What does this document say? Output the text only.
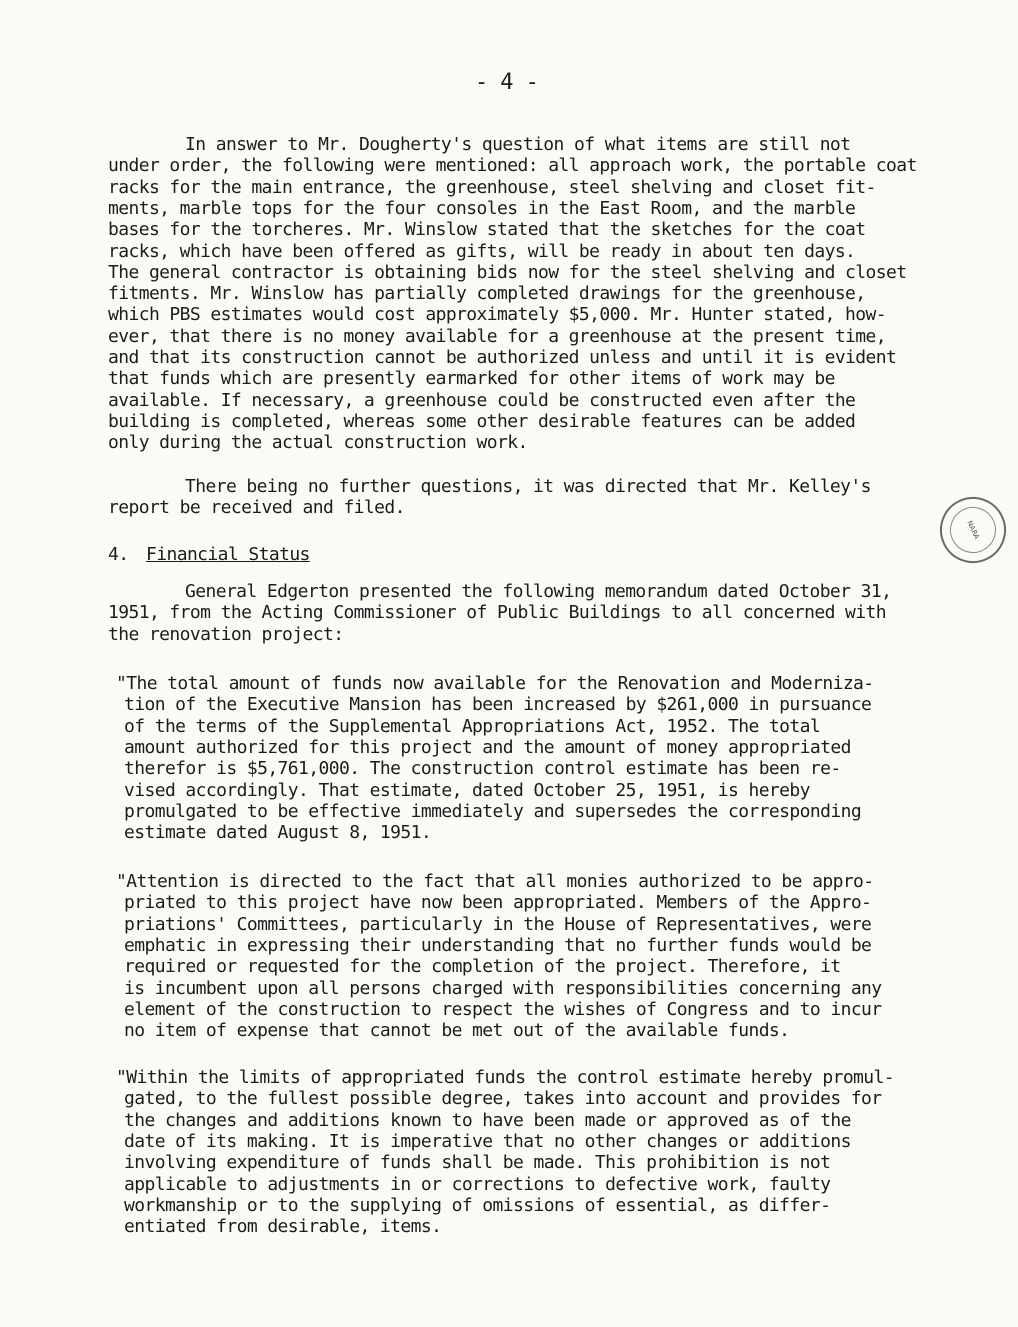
- 4 -
In answer to Mr. Dougherty's question of what items are still not
under order, the following were mentioned: all approach work, the portable coat
racks for the main entrance, the greenhouse, steel shelving and closet fit-
ments, marble tops for the four consoles in the East Room, and the marble
bases for the torcheres. Mr. Winslow stated that the sketches for the coat
racks, which have been offered as gifts, will be ready in about ten days.
The general contractor is obtaining bids now for the steel shelving and closet
fitments. Mr. Winslow has partially completed drawings for the greenhouse,
which PBS estimates would cost approximately $5,000. Mr. Hunter stated, how-
ever, that there is no money available for a greenhouse at the present time,
and that its construction cannot be authorized unless and until it is evident
that funds which are presently earmarked for other items of work may be
available. If necessary, a greenhouse could be constructed even after the
building is completed, whereas some other desirable features can be added
only during the actual construction work.
There being no further questions, it was directed that Mr. Kelley's
report be received and filed.
4. Financial Status
General Edgerton presented the following memorandum dated October 31,
1951, from the Acting Commissioner of Public Buildings to all concerned with
the renovation project:
"The total amount of funds now available for the Renovation and Moderniza-
tion of the Executive Mansion has been increased by $261,000 in pursuance
of the terms of the Supplemental Appropriations Act, 1952. The total
amount authorized for this project and the amount of money appropriated
therefor is $5,761,000. The construction control estimate has been re-
vised accordingly. That estimate, dated October 25, 1951, is hereby
promulgated to be effective immediately and supersedes the corresponding
estimate dated August 8, 1951.
"Attention is directed to the fact that all monies authorized to be appro-
priated to this project have now been appropriated. Members of the Appro-
priations' Committees, particularly in the House of Representatives, were
emphatic in expressing their understanding that no further funds would be
required or requested for the completion of the project. Therefore, it
is incumbent upon all persons charged with responsibilities concerning any
element of the construction to respect the wishes of Congress and to incur
no item of expense that cannot be met out of the available funds.
"Within the limits of appropriated funds the control estimate hereby promul-
gated, to the fullest possible degree, takes into account and provides for
the changes and additions known to have been made or approved as of the
date of its making. It is imperative that no other changes or additions
involving expenditure of funds shall be made. This prohibition is not
applicable to adjustments in or corrections to defective work, faulty
workmanship or to the supplying of omissions of essential, as differ-
entiated from desirable, items.
NARA
